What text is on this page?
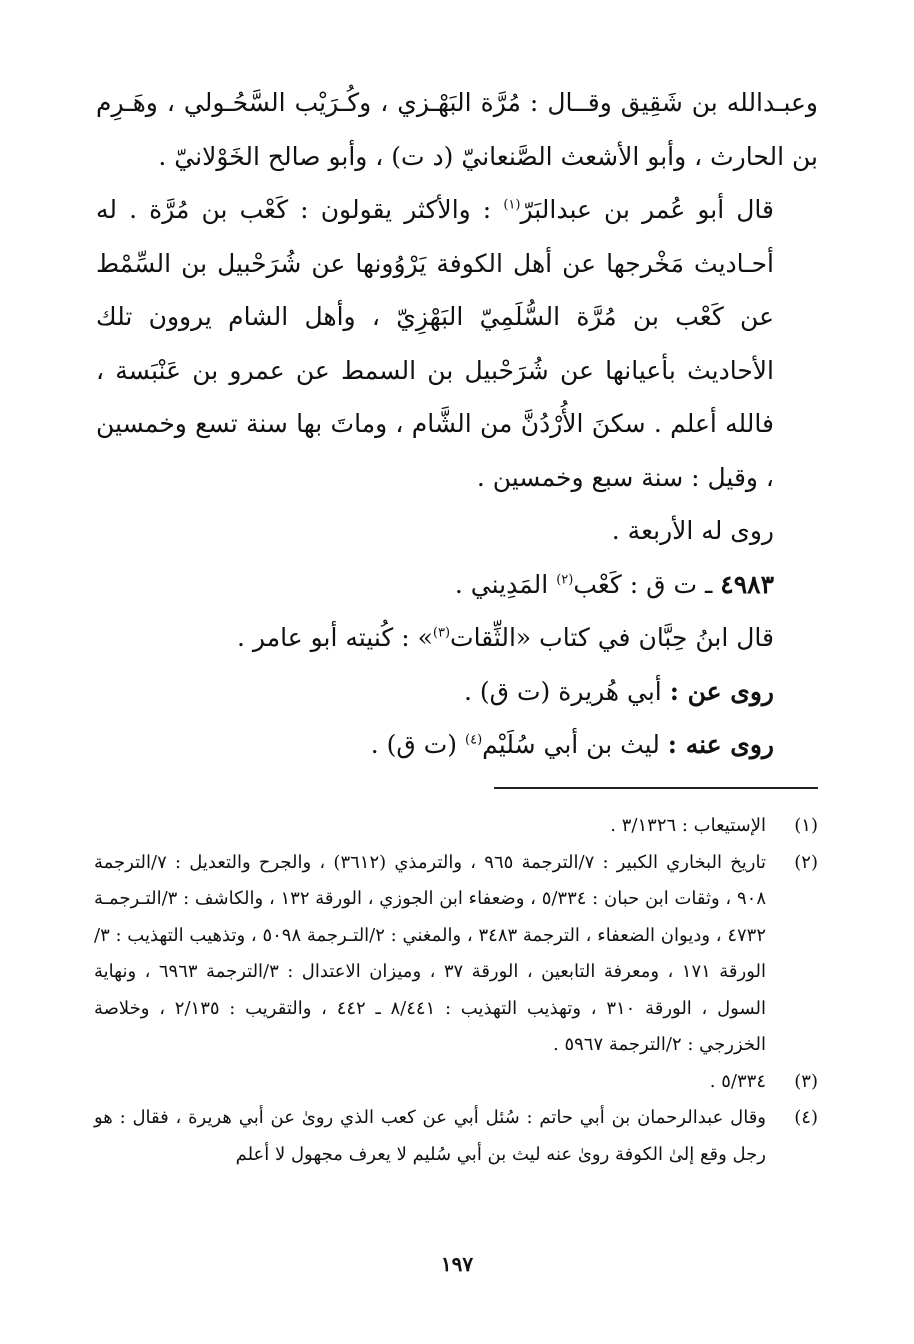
وعبـدالله بن شَقِيق وقــال : مُرَّة البَهْـزي ، وكُـرَيْب السَّحُـولي ، وهَـرِم بن الحارث ، وأبو الأشعث الصَّنعانيّ (د ت) ، وأبو صالح الخَوْلانيّ .

قال أبو عُمر بن عبدالبَرّ$^{(١)}$ : والأكثر يقولون : كَعْب بن مُرَّة . له أحـاديث مَخْرجها عن أهل الكوفة يَرْوُونها عن شُرَحْبيل بن السِّمْط عن كَعْب بن مُرَّة السُّلَمِيّ البَهْزِيّ ، وأهل الشام يروون تلك الأحاديث بأعيانها عن شُرَحْبيل بن السمط عن عمرو بن عَنْبَسة ، فالله أعلم . سكنَ الأُرْدُنَّ من الشَّام ، وماتَ بها سنة تسع وخمسين ، وقيل : سنة سبع وخمسين .

روى له الأربعة .

٤٩٨٣ ـ ت ق : كَعْب$^{(٢)}$ المَدِيني .

قال ابنُ حِبَّان في كتاب «الثِّقات$^{(٣)}$» : كُنيته أبو عامر .

روى عن : أبي هُريرة (ت ق) .

روى عنه : ليث بن أبي سُلَيْم$^{(٤)}$ (ت ق) .

(١)
الإستيعاب : ٣/١٣٢٦ .
(٢)
تاريخ البخاري الكبير : ٧/الترجمة ٩٦٥ ، والترمذي (٣٦١٢) ، والجرح والتعديل : ٧/الترجمة ٩٠٨ ، وثقات ابن حبان : ٥/٣٣٤ ، وضعفاء ابن الجوزي ، الورقة ١٣٢ ، والكاشف : ٣/التـرجمـة ٤٧٣٢ ، وديوان الضعفاء ، الترجمة ٣٤٨٣ ، والمغني : ٢/التـرجمة ٥٠٩٨ ، وتذهيب التهذيب : ٣/الورقة ١٧١ ، ومعرفة التابعين ، الورقة ٣٧ ، وميزان الاعتدال : ٣/الترجمة ٦٩٦٣ ، ونهاية السول ، الورقة ٣١٠ ، وتهذيب التهذيب : ٨/٤٤١ ـ ٤٤٢ ، والتقريب : ٢/١٣٥ ، وخلاصة الخزرجي : ٢/الترجمة ٥٩٦٧ .
(٣)
٥/٣٣٤ .
(٤)
وقال عبدالرحمان بن أبي حاتم : سُئل أبي عن كعب الذي روىٰ عن أبي هريرة ، فقال : هو رجل وقع إلىٰ الكوفة روىٰ عنه ليث بن أبي سُليم لا يعرف مجهول لا أعلم
١٩٧
